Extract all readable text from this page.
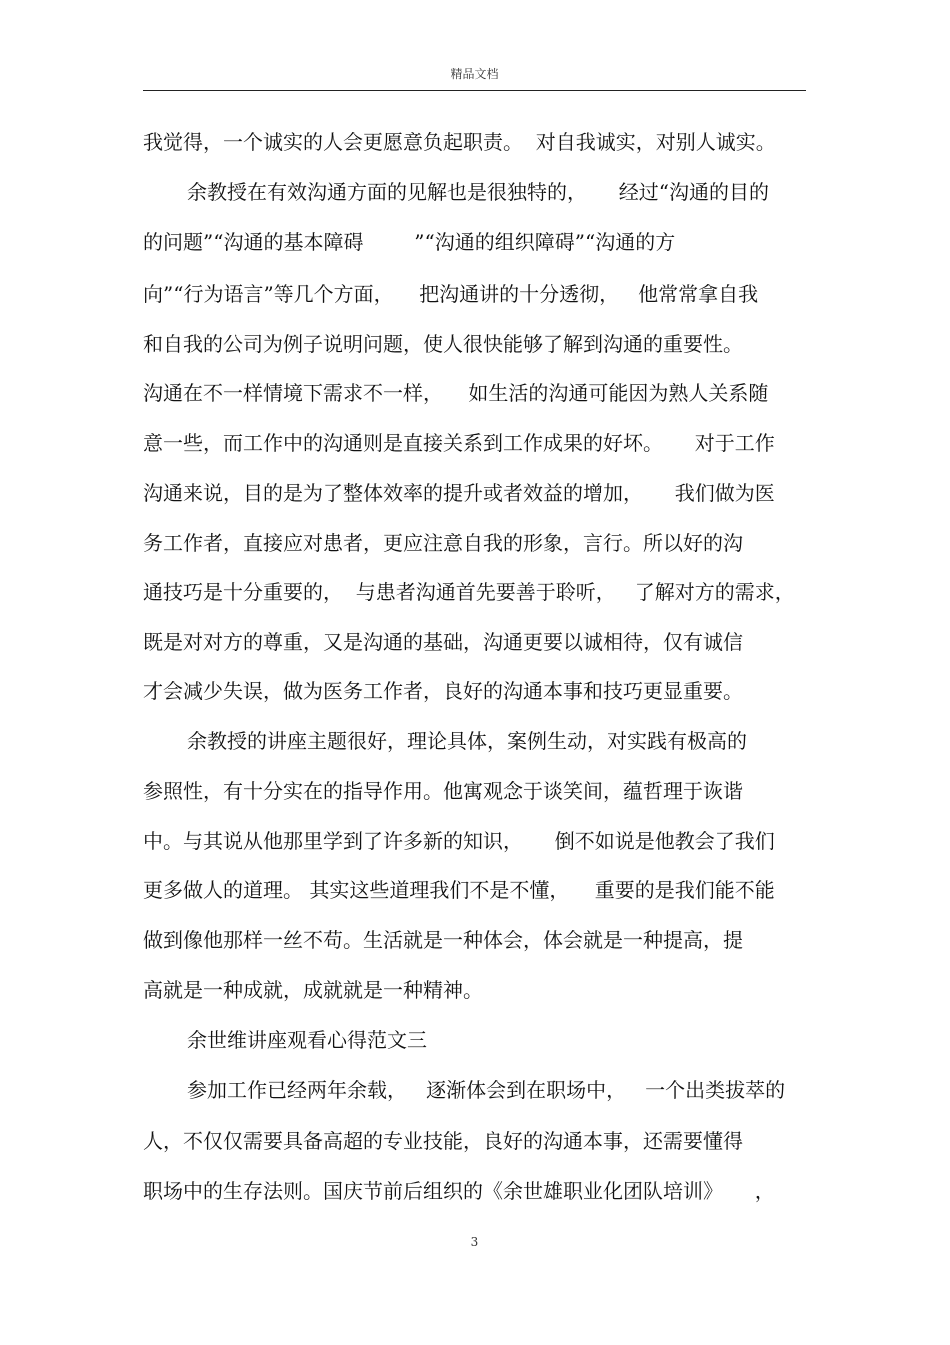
精品文档
我觉得，一个诚实的人会更愿意负起职责。  对自我诚实，对别人诚实。
余教授在有效沟通方面的见解也是很独特的，     经过“沟通的目的
的问题”“沟通的基本障碍        ”“沟通的组织障碍”“沟通的方
向”“行为语言”等几个方面，    把沟通讲的十分透彻，   他常常拿自我
和自我的公司为例子说明问题，使人很快能够了解到沟通的重要性。
沟通在不一样情境下需求不一样，    如生活的沟通可能因为熟人关系随
意一些，而工作中的沟通则是直接关系到工作成果的好坏。     对于工作
沟通来说，目的是为了整体效率的提升或者效益的增加，     我们做为医
务工作者，直接应对患者，更应注意自我的形象，言行。所以好的沟
通技巧是十分重要的，  与患者沟通首先要善于聆听，   了解对方的需求，
既是对对方的尊重，又是沟通的基础，沟通更要以诚相待，仅有诚信
才会减少失误，做为医务工作者，良好的沟通本事和技巧更显重要。
余教授的讲座主题很好，理论具体，案例生动，对实践有极高的
参照性，有十分实在的指导作用。他寓观念于谈笑间，蕴哲理于诙谐
中。与其说从他那里学到了许多新的知识，     倒不如说是他教会了我们
更多做人的道理。 其实这些道理我们不是不懂，    重要的是我们能不能
做到像他那样一丝不苟。生活就是一种体会，体会就是一种提高，提
高就是一种成就，成就就是一种精神。
余世维讲座观看心得范文三
参加工作已经两年余载，   逐渐体会到在职场中，   一个出类拔萃的
人，不仅仅需要具备高超的专业技能，良好的沟通本事，还需要懂得
职场中的生存法则。国庆节前后组织的《余世雄职业化团队培训》     ，
3
